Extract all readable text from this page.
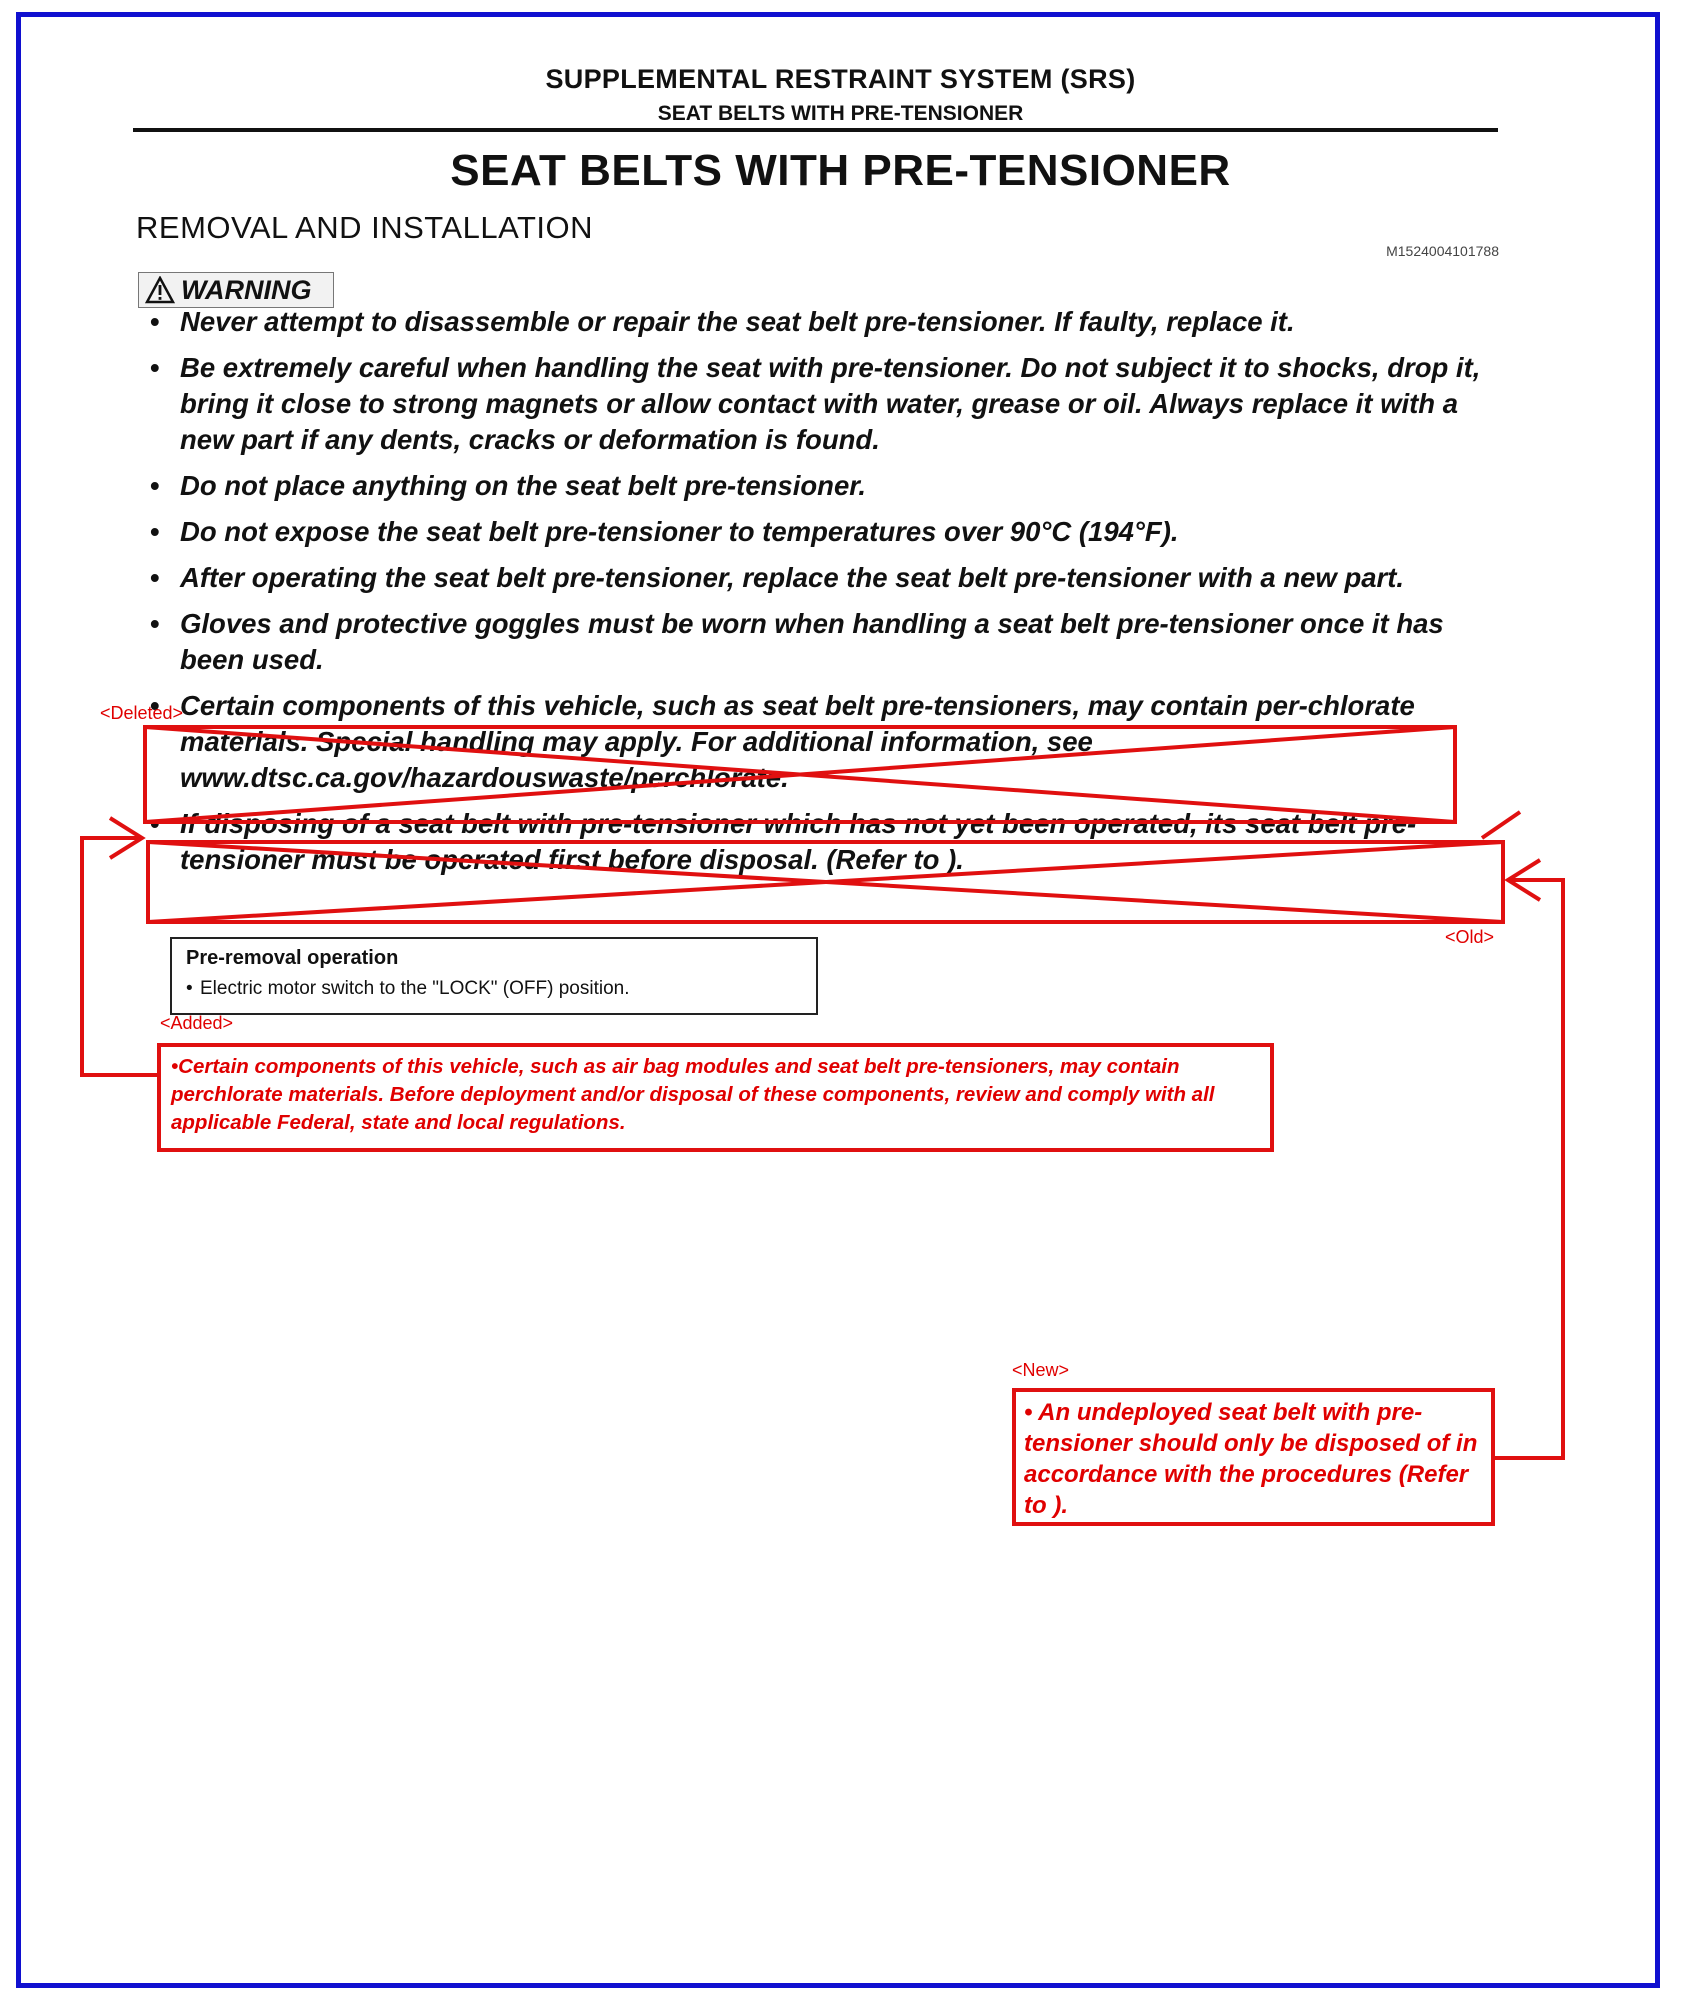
SUPPLEMENTAL RESTRAINT SYSTEM (SRS)
SEAT BELTS WITH PRE-TENSIONER
SEAT BELTS WITH PRE-TENSIONER
REMOVAL AND INSTALLATION
M1524004101788
WARNING
• Never attempt to disassemble or repair the seat belt pre-tensioner. If faulty, replace it.
• Be extremely careful when handling the seat with pre-tensioner. Do not subject it to shocks, drop it, bring it close to strong magnets or allow contact with water, grease or oil. Always replace it with a new part if any dents, cracks or deformation is found.
• Do not place anything on the seat belt pre-tensioner.
• Do not expose the seat belt pre-tensioner to temperatures over 90°C (194°F).
• After operating the seat belt pre-tensioner, replace the seat belt pre-tensioner with a new part.
• Gloves and protective goggles must be worn when handling a seat belt pre-tensioner once it has been used.
• Certain components of this vehicle, such as seat belt pre-tensioners, may contain per-chlorate materials. Special handling may apply. For additional information, see www.dtsc.ca.gov/hazardouswaste/perchlorate.
• If disposing of a seat belt with pre-tensioner which has not yet been operated, its seat belt pre-tensioner must be operated first before disposal. (Refer to ).
<Deleted>
<Old>
<Added>
<New>
Pre-removal operation
• Electric motor switch to the "LOCK" (OFF) position.
•Certain components of this vehicle, such as air bag modules and seat belt pre-tensioners, may contain perchlorate materials. Before deployment and/or disposal of these components, review and comply with all applicable Federal, state and local regulations.
• An undeployed seat belt with pre-tensioner should only be disposed of in accordance with the procedures (Refer to ).
